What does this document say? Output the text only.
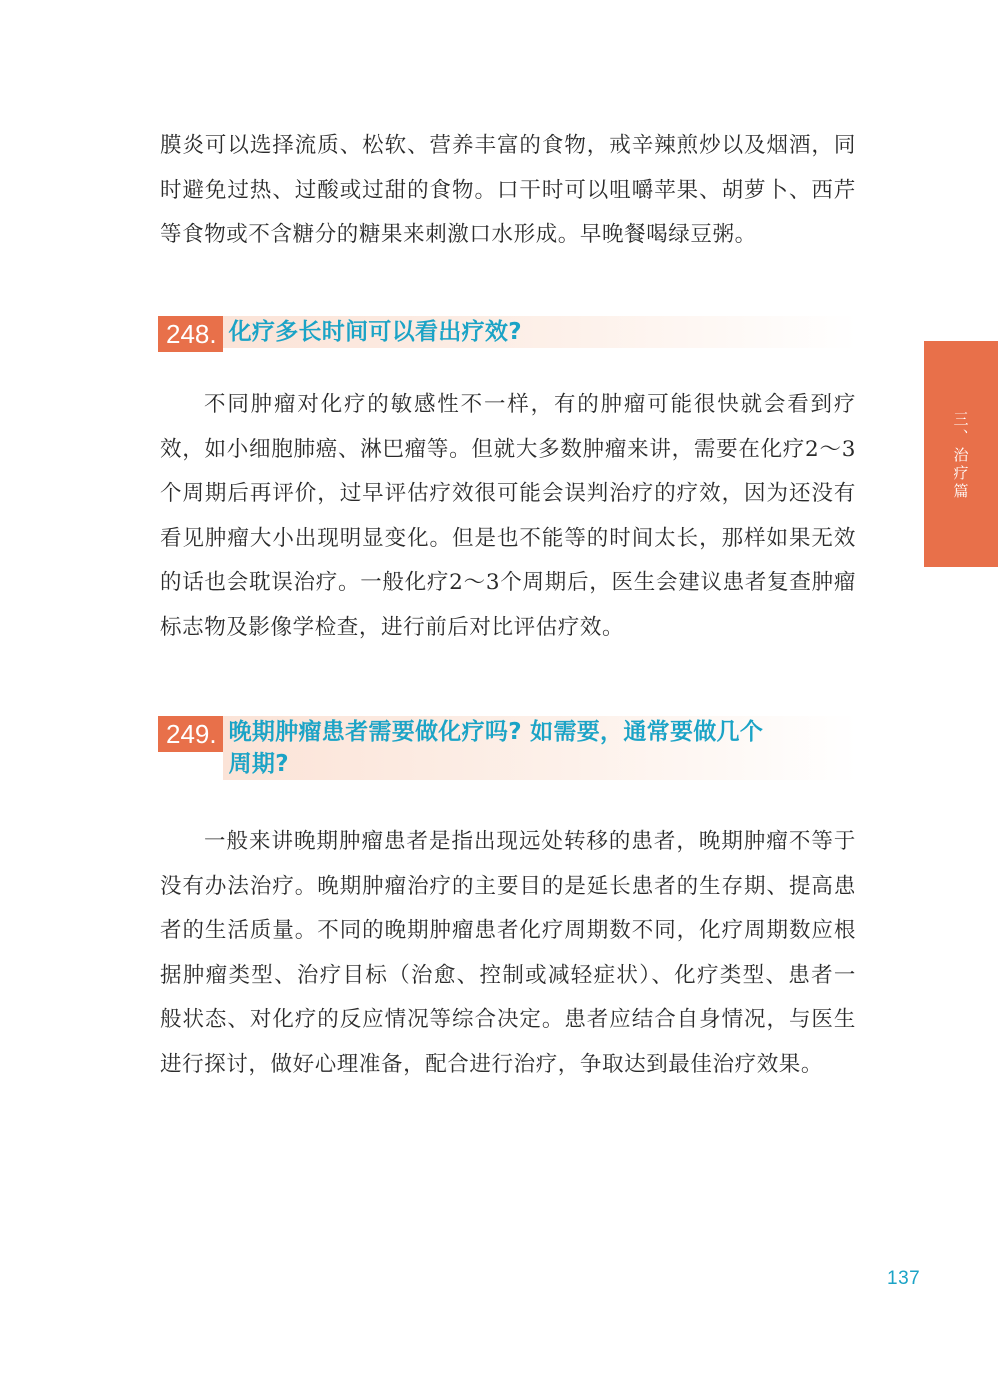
膜炎可以选择流质、松软、营养丰富的食物，戒辛辣煎炒以及烟酒，同时避免过热、过酸或过甜的食物。口干时可以咀嚼苹果、胡萝卜、西芹等食物或不含糖分的糖果来刺激口水形成。早晚餐喝绿豆粥。

248. 化疗多长时间可以看出疗效?

不同肿瘤对化疗的敏感性不一样，有的肿瘤可能很快就会看到疗效，如小细胞肺癌、淋巴瘤等。但就大多数肿瘤来讲，需要在化疗2～3个周期后再评价，过早评估疗效很可能会误判治疗的疗效，因为还没有看见肿瘤大小出现明显变化。但是也不能等的时间太长，那样如果无效的话也会耽误治疗。一般化疗2～3个周期后，医生会建议患者复查肿瘤标志物及影像学检查，进行前后对比评估疗效。

249. 晚期肿瘤患者需要做化疗吗? 如需要，通常要做几个
周期?

一般来讲晚期肿瘤患者是指出现远处转移的患者，晚期肿瘤不等于没有办法治疗。晚期肿瘤治疗的主要目的是延长患者的生存期、提高患者的生活质量。不同的晚期肿瘤患者化疗周期数不同，化疗周期数应根据肿瘤类型、治疗目标（治愈、控制或减轻症状）、化疗类型、患者一般状态、对化疗的反应情况等综合决定。患者应结合自身情况，与医生进行探讨，做好心理准备，配合进行治疗，争取达到最佳治疗效果。

三、治疗篇
137
